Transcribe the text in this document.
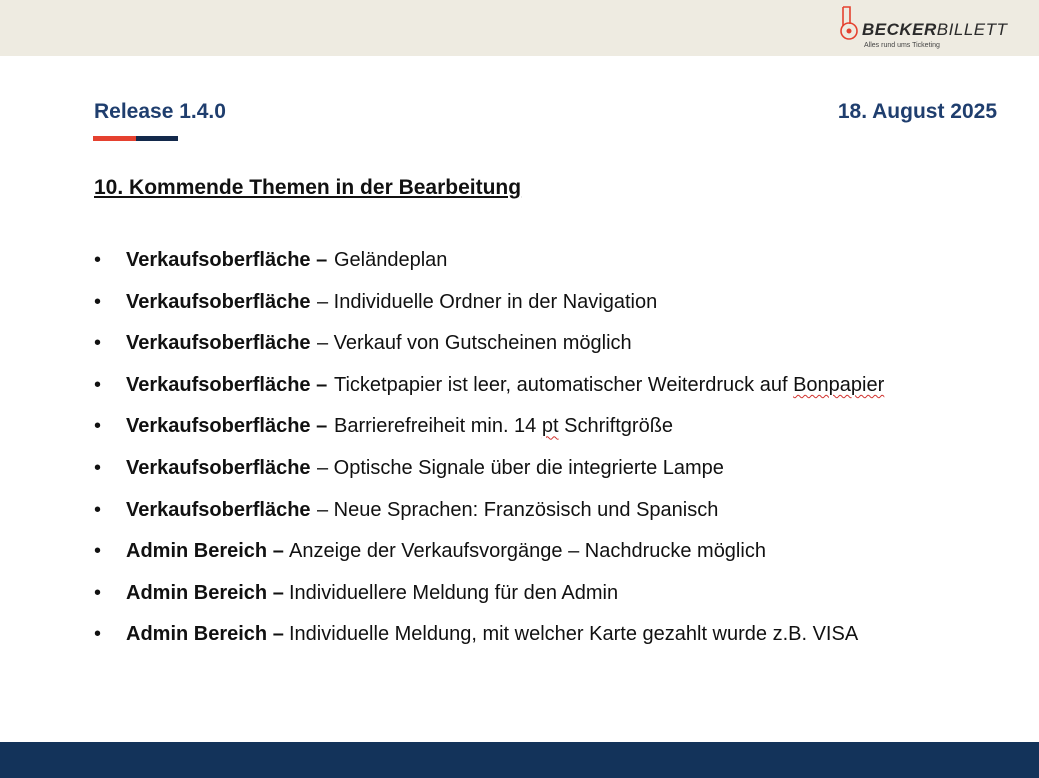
BECKERBILLETT
Alles rund ums Ticketing
Release 1.4.0	18. August 2025
10. Kommende Themen in der Bearbeitung
• Verkaufsoberfläche – Geländeplan
• Verkaufsoberfläche – Individuelle Ordner in der Navigation
• Verkaufsoberfläche – Verkauf von Gutscheinen möglich
• Verkaufsoberfläche – Ticketpapier ist leer, automatischer Weiterdruck auf Bonpapier
• Verkaufsoberfläche – Barrierefreiheit min. 14 pt Schriftgröße
• Verkaufsoberfläche – Optische Signale über die integrierte Lampe
• Verkaufsoberfläche – Neue Sprachen: Französisch und Spanisch
• Admin Bereich – Anzeige der Verkaufsvorgänge – Nachdrucke möglich
• Admin Bereich – Individuellere Meldung für den Admin
• Admin Bereich – Individuelle Meldung, mit welcher Karte gezahlt wurde z.B. VISA
